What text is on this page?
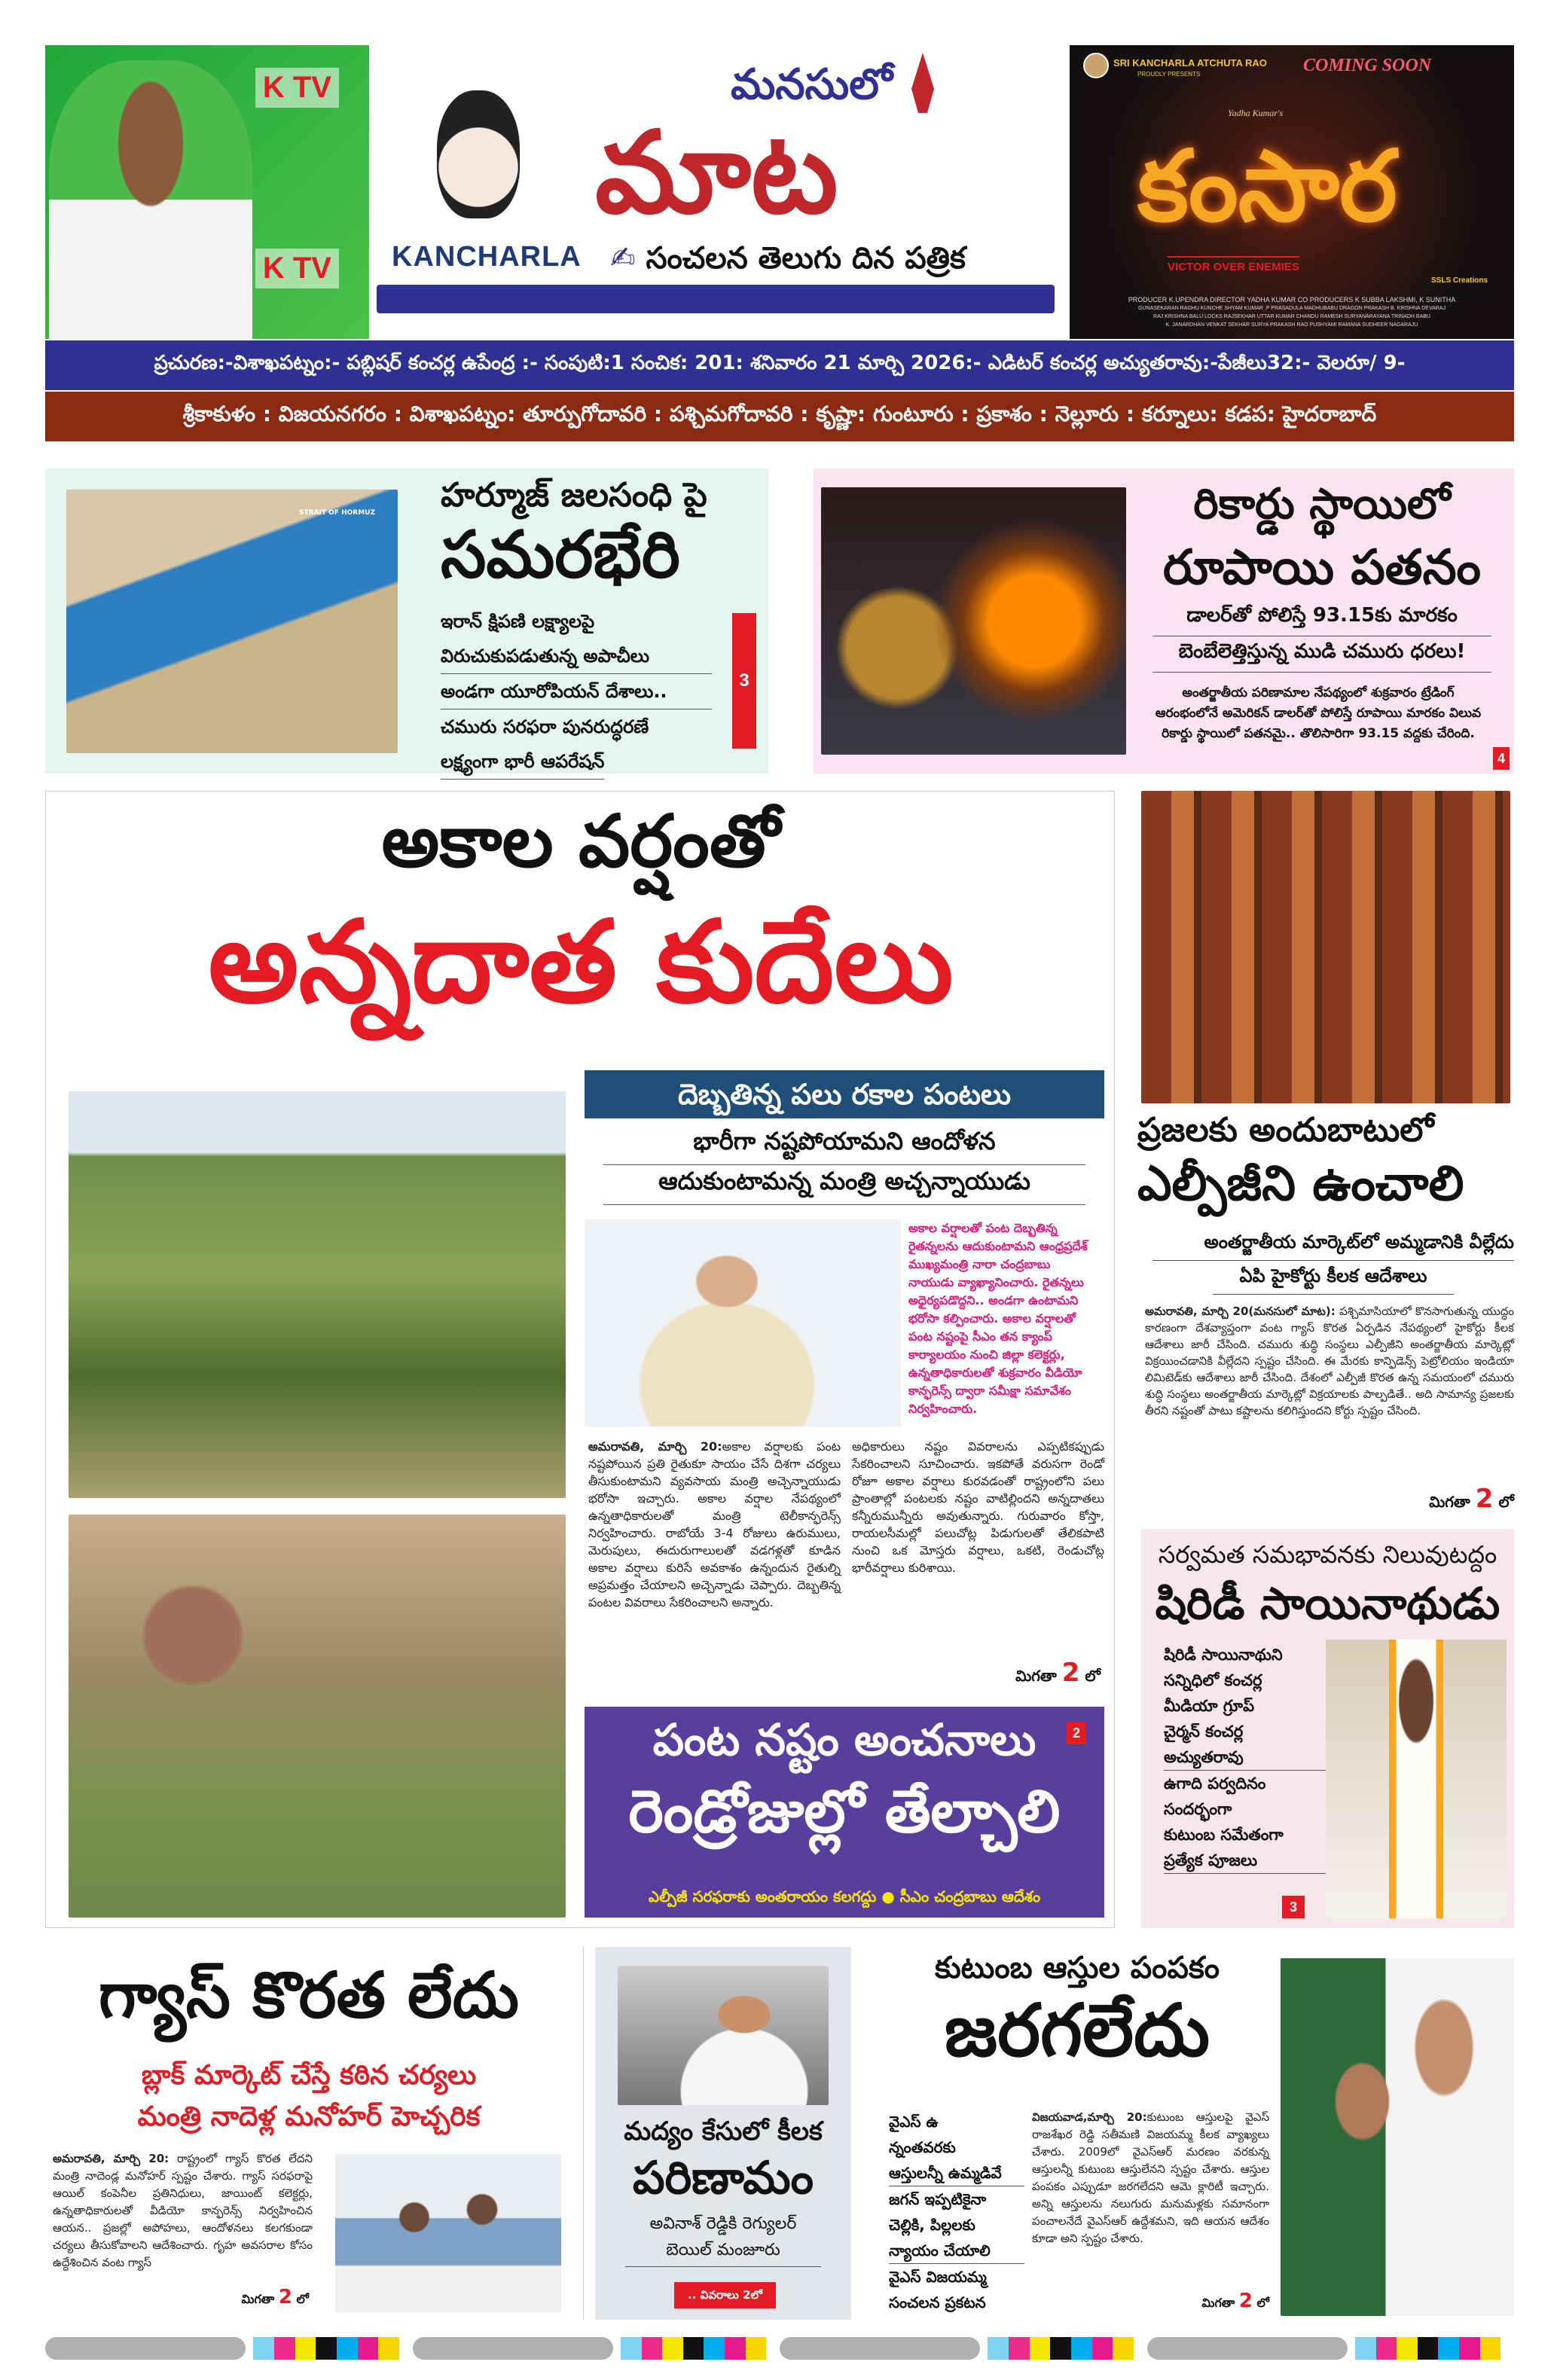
K TV
K TV KANCHARLA
మనసులో
మాట
✍ సంచలన తెలుగు దిన పత్రిక
SRI KANCHARLA ATCHUTA RAO
PROUDLY PRESENTS	COMING SOON
Yadha Kumar's
కంసార
VICTOR OVER ENEMIES
SSLS Creations
PRODUCER K.UPENDRA DIRECTOR YADHA KUMAR CO PRODUCERS K SUBBA LAKSHMI, K SUNITHA
GUNASEKARAN RAGHU KUNCHE SHYAM KUMAR .P PRASADULA MADHUBABU DRAGON PRAKASH B. KRISHNA DEVARAJ
RAJ KRISHNA BALU LOCKS RAJSEKHAR UTTAR KUMAR CHANDU RAMESH SURYANARAYANA TRINADH BABU
K. JANARDHAN VENKAT SEKHAR SURYA PRAKASH RAO PUSHYAMI RAMANA SUDHEER NAGARAJU
ప్రచురణ:-విశాఖపట్నం:- పబ్లిషర్ కంచర్ల ఉపేంద్ర :- సంపుటి:1 సంచిక: 201: శనివారం 21 మార్చి 2026:- ఎడిటర్ కంచర్ల అచ్యుతరావు:-పేజీలు32:- వెలరూ/ 9-
శ్రీకాకుళం : విజయనగరం : విశాఖపట్నం: తూర్పుగోదావరి : పశ్చిమగోదావరి : కృష్ణా: గుంటూరు : ప్రకాశం : నెల్లూరు : కర్నూలు: కడప: హైదరాబాద్
STRAIT OF HORMUZ హర్మూజ్ జలసంధి పై
సమరభేరి
ఇరాన్ క్షిపణి లక్ష్యాలపై
విరుచుకుపడుతున్న అపాచీలు
అండగా యూరోపియన్ దేశాలు..
చమురు సరఫరా పునరుద్ధరణే
లక్ష్యంగా భారీ ఆపరేషన్
3
రికార్డు స్థాయిలో
రూపాయి పతనం
డాలర్‌తో పోలిస్తే 93.15కు మారకం
బెంబేలెత్తిస్తున్న ముడి చమురు ధరలు!
అంతర్జాతీయ పరిణామాల నేపథ్యంలో శుక్రవారం ట్రేడింగ్ ఆరంభంలోనే అమెరికన్ డాలర్‌తో పోలిస్తే రూపాయి మారకం విలువ రికార్డు స్థాయిలో పతనమై.. తొలిసారిగా 93.15 వద్దకు చేరింది.
4
అకాల వర్షంతో
అన్నదాత కుదేలు
దెబ్బతిన్న పలు రకాల పంటలు
భారీగా నష్టపోయామని ఆందోళన
ఆదుకుంటామన్న మంత్రి అచ్చన్నాయుడు
అకాల వర్షాలతో పంట దెబ్బతిన్న రైతన్నలను ఆదుకుంటామని ఆంధ్రప్రదేశ్ ముఖ్యమంత్రి నారా చంద్రబాబు నాయుడు వ్యాఖ్యానించారు. రైతన్నలు అధైర్యపడొద్దని.. అండగా ఉంటామని భరోసా కల్పించారు. అకాల వర్షాలతో పంట నష్టంపై సీఎం తన క్యాంప్ కార్యాలయం నుంచి జిల్లా కలెక్టర్లు, ఉన్నతాధికారులతో శుక్రవారం వీడియో కాన్ఫరెన్స్ ద్వారా సమీక్షా సమావేశం నిర్వహించారు.
అమరావతి, మార్చి 20:అకాల వర్షాలకు పంట నష్టపోయిన ప్రతి రైతుకూ సాయం చేసే దిశగా చర్యలు తీసుకుంటామని వ్యవసాయ మంత్రి అచ్చెన్నాయుడు భరోసా ఇచ్చారు. అకాల వర్షాల నేపథ్యంలో ఉన్నతాధికారులతో మంత్రి టెలీకాన్ఫరెన్స్ నిర్వహించారు. రాబోయే 3-4 రోజులు ఉరుములు, మెరుపులు, ఈదురుగాలులతో వడగళ్లతో కూడిన అకాల వర్షాలు కురిసే అవకాశం ఉన్నందున రైతుల్ని అప్రమత్తం చేయాలని అచ్చెన్నాడు చెప్పారు. దెబ్బతిన్న పంటల వివరాలు సేకరించాలని అన్నారు.
అధికారులు నష్టం వివరాలను ఎప్పటికప్పుడు సేకరించాలని సూచించారు. ఇకపోతే వరుసగా రెండో రోజూ అకాల వర్షాలు కురవడంతో రాష్ట్రంలోని పలు ప్రాంతాల్లో పంటలకు నష్టం వాటిల్లిందని అన్నదాతలు కన్నీరుమున్నీరు అవుతున్నారు. గురువారం కోస్తా, రాయలసీమల్లో పలుచోట్ల పిడుగులతో తేలికపాటి నుంచి ఒక మోస్తరు వర్షాలు, ఒకటి, రెండుచోట్ల భారీవర్షాలు కురిశాయి.
మిగతా 2 లో
పంట నష్టం అంచనాలు
రెండ్రోజుల్లో తేల్చాలి
ఎల్పీజీ సరఫరాకు అంతరాయం కలగద్దు ● సీఎం చంద్రబాబు ఆదేశం
2
ప్రజలకు అందుబాటులో
ఎల్పీజీని ఉంచాలి
అంతర్జాతీయ మార్కెట్‌లో అమ్మడానికి వీల్లేదు
ఏపి హైకోర్టు కీలక ఆదేశాలు
అమరావతి, మార్చి 20(మనసులో మాట): పశ్చిమాసియాలో కొనసాగుతున్న యుద్ధం కారణంగా దేశవ్యాప్తంగా వంట గ్యాస్ కొరత ఏర్పడిన నేపథ్యంలో హైకోర్టు కీలక ఆదేశాలు జారీ చేసింది. చమురు శుద్ధి సంస్థలు ఎల్పీజీని అంతర్జాతీయ మార్కెట్లో విక్రయించడానికి వీల్లేదని స్పష్టం చేసింది. ఈ మేరకు కాన్ఫిడెన్స్ పెట్రోలియం ఇండియా లిమిటెడ్‌కు ఆదేశాలు జారీ చేసింది. దేశంలో ఎల్పీజీ కొరత ఉన్న సమయంలో చమురు శుద్ధి సంస్థలు అంతర్జాతీయ మార్కెట్లో విక్రయాలకు పాల్పడితే.. అది సామాన్య ప్రజలకు తీరని నష్టంతో పాటు కష్టాలను కలిగిస్తుందని కోర్టు స్పష్టం చేసింది.
మిగతా 2 లో
సర్వమత సమభావనకు నిలువుటద్దం
షిరిడీ సాయినాథుడు
షిరిడీ సాయినాథుని
సన్నిధిలో కంచర్ల
మీడియా గ్రూప్
చైర్మన్ కంచర్ల
అచ్యుతరావు
ఉగాది పర్వదినం
సందర్భంగా
కుటుంబ సమేతంగా
ప్రత్యేక పూజలు
3
గ్యాస్ కొరత లేదు
బ్లాక్ మార్కెట్ చేస్తే కఠిన చర్యలు
మంత్రి నాదెళ్ల మనోహర్ హెచ్చరిక
అమరావతి, మార్చి 20: రాష్ట్రంలో గ్యాస్ కొరత లేదని మంత్రి నాదెండ్ల మనోహర్ స్పష్టం చేశారు. గ్యాస్ సరఫరాపై ఆయిల్ కంపెనీల ప్రతినిధులు, జాయింట్ కలెక్టర్లు, ఉన్నతాధికారులతో వీడియో కాన్ఫరెన్స్ నిర్వహించిన ఆయన.. ప్రజల్లో అపోహలు, ఆందోళనలు కలగకుండా చర్యలు తీసుకోవాలని ఆదేశించారు. గృహ అవసరాల కోసం ఉద్దేశించిన వంట గ్యాస్
మిగతా 2 లో
మద్యం కేసులో కీలక
పరిణామం
అవినాశ్ రెడ్డికి రెగ్యులర్
బెయిల్ మంజూరు
.. వివరాలు 2లో
కుటుంబ ఆస్తుల పంపకం
జరగలేదు
వైఎస్ ఉ
న్నంతవరకు
ఆస్తులన్నీ ఉమ్మడివే
జగన్ ఇప్పటికైనా
చెల్లికి, పిల్లలకు
న్యాయం చేయాలి
వైఎస్ విజయమ్మ
సంచలన ప్రకటన
విజయవాడ,మార్చి 20:కుటుంబ ఆస్తులపై వైఎస్ రాజశేఖర రెడ్డి సతీమణి విజయమ్మ కీలక వ్యాఖ్యలు చేశారు. 2009లో వైఎస్ఆర్ మరణం వరకున్న ఆస్తులన్నీ కుటుంబ ఆస్తులేనని స్పష్టం చేశారు. ఆస్తుల పంపకం ఎప్పుడూ జరగలేదని ఆమె క్లారిటీ ఇచ్చారు. అన్ని ఆస్తులను నలుగురు మనుమళ్లకు సమానంగా పంచాలనేదే వైఎస్ఆర్ ఉద్దేశమని, ఇది ఆయన ఆదేశం కూడా అని స్పష్టం చేశారు.
మిగతా 2 లో
